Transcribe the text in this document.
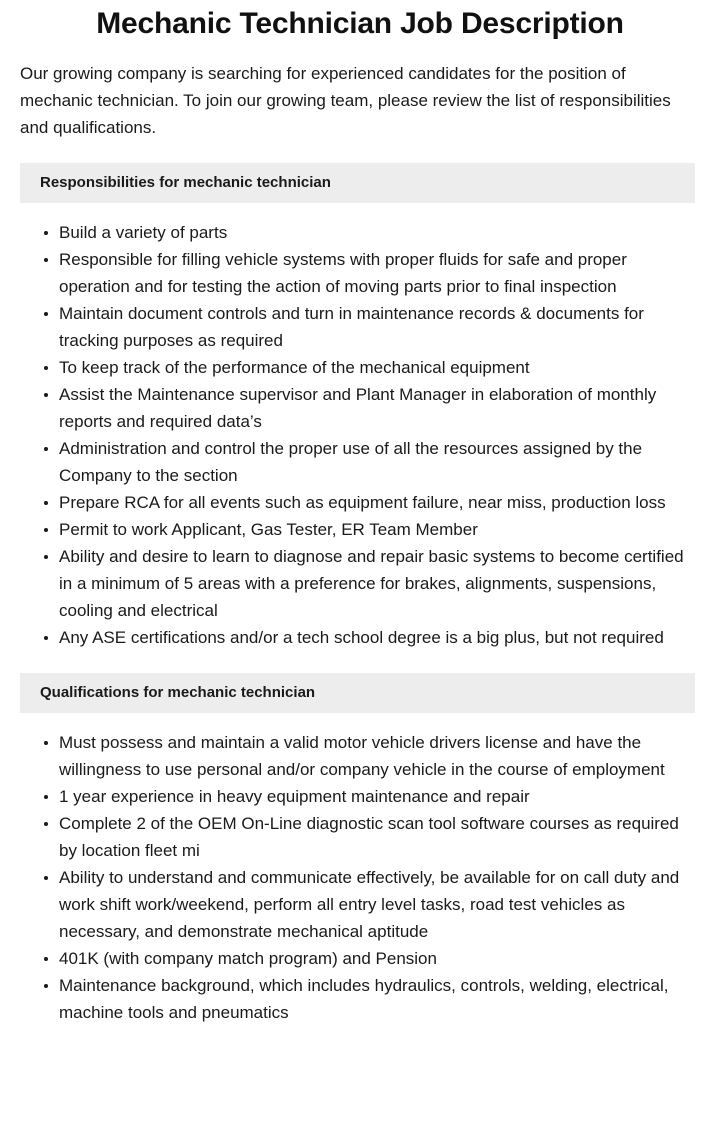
Mechanic Technician Job Description

Our growing company is searching for experienced candidates for the position of mechanic technician. To join our growing team, please review the list of responsibilities and qualifications.

Responsibilities for mechanic technician
Build a variety of parts
Responsible for filling vehicle systems with proper fluids for safe and proper operation and for testing the action of moving parts prior to final inspection
Maintain document controls and turn in maintenance records & documents for tracking purposes as required
To keep track of the performance of the mechanical equipment
Assist the Maintenance supervisor and Plant Manager in elaboration of monthly reports and required data’s
Administration and control the proper use of all the resources assigned by the Company to the section
Prepare RCA for all events such as equipment failure, near miss, production loss
Permit to work Applicant, Gas Tester, ER Team Member
Ability and desire to learn to diagnose and repair basic systems to become certified in a minimum of 5 areas with a preference for brakes, alignments, suspensions, cooling and electrical
Any ASE certifications and/or a tech school degree is a big plus, but not required
Qualifications for mechanic technician
Must possess and maintain a valid motor vehicle drivers license and have the willingness to use personal and/or company vehicle in the course of employment
1 year experience in heavy equipment maintenance and repair
Complete 2 of the OEM On-Line diagnostic scan tool software courses as required by location fleet mi
Ability to understand and communicate effectively, be available for on call duty and work shift work/weekend, perform all entry level tasks, road test vehicles as necessary, and demonstrate mechanical aptitude
401K (with company match program) and Pension
Maintenance background, which includes hydraulics, controls, welding, electrical, machine tools and pneumatics
